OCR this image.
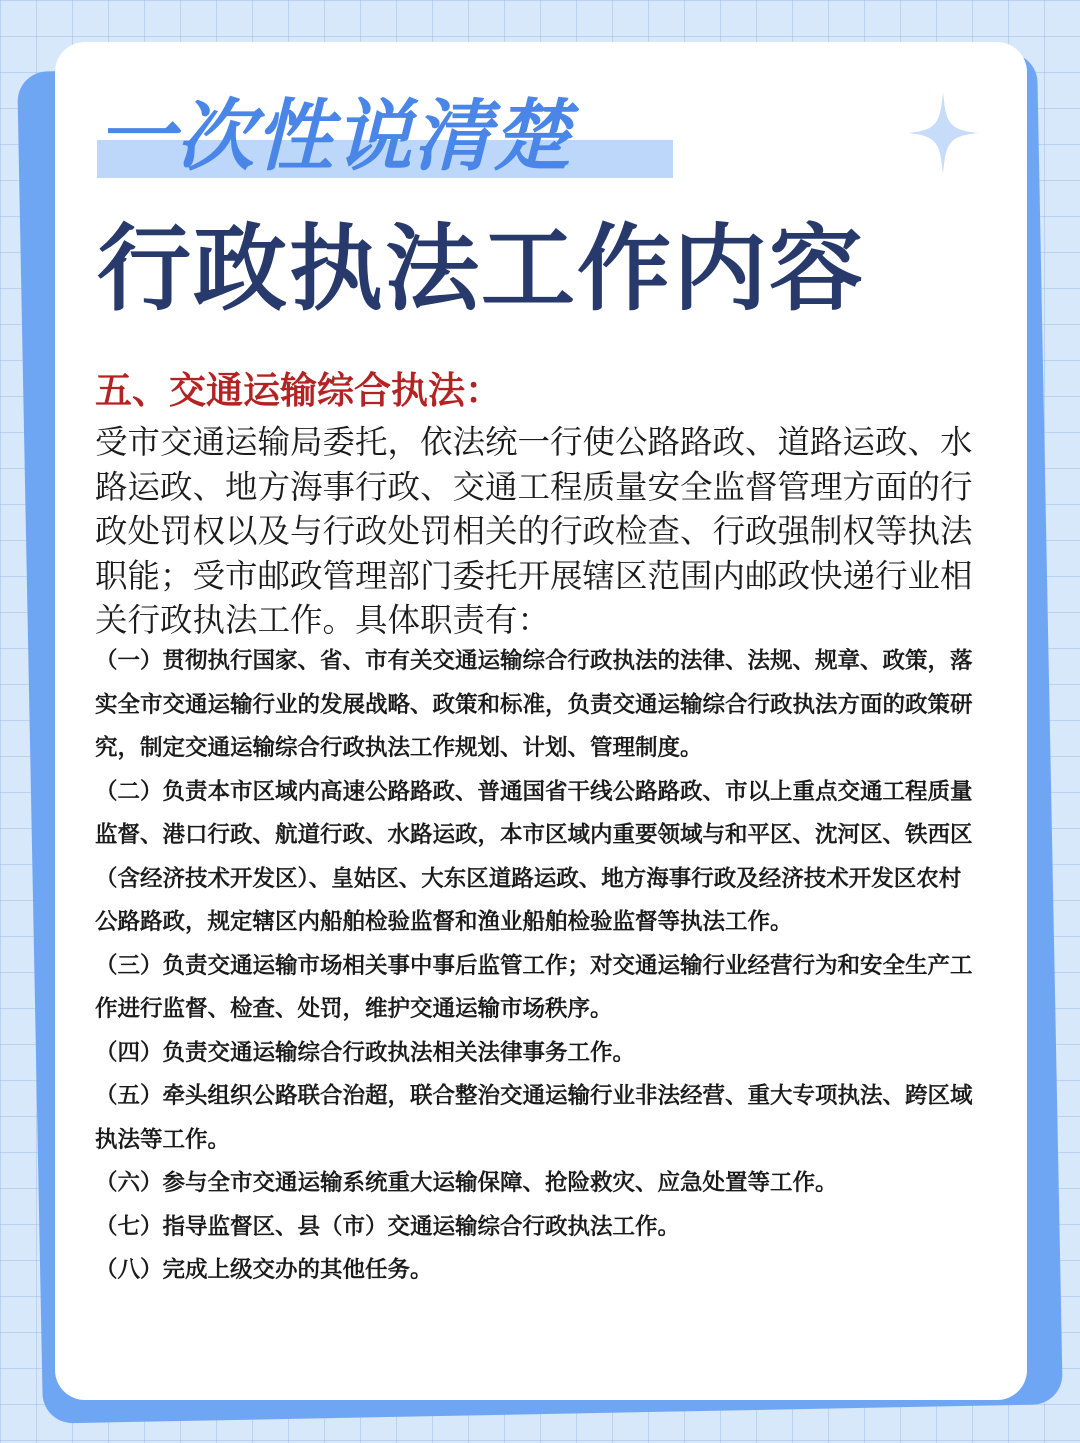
一次性说清楚
行政执法工作内容
五、交通运输综合执法：
受市交通运输局委托，依法统一行使公路路政、道路运政、水路运政、地方海事行政、交通工程质量安全监督管理方面的行政处罚权以及与行政处罚相关的行政检查、行政强制权等执法职能；受市邮政管理部门委托开展辖区范围内邮政快递行业相关行政执法工作。具体职责有：

（一）贯彻执行国家、省、市有关交通运输综合行政执法的法律、法规、规章、政策，落实全市交通运输行业的发展战略、政策和标准，负责交通运输综合行政执法方面的政策研究，制定交通运输综合行政执法工作规划、计划、管理制度。

（二）负责本市区域内高速公路路政、普通国省干线公路路政、市以上重点交通工程质量监督、港口行政、航道行政、水路运政，本市区域内重要领域与和平区、沈河区、铁西区（含经济技术开发区）、皇姑区、大东区道路运政、地方海事行政及经济技术开发区农村公路路政，规定辖区内船舶检验监督和渔业船舶检验监督等执法工作。

（三）负责交通运输市场相关事中事后监管工作；对交通运输行业经营行为和安全生产工作进行监督、检查、处罚，维护交通运输市场秩序。

（四）负责交通运输综合行政执法相关法律事务工作。

（五）牵头组织公路联合治超，联合整治交通运输行业非法经营、重大专项执法、跨区域执法等工作。

（六）参与全市交通运输系统重大运输保障、抢险救灾、应急处置等工作。

（七）指导监督区、县（市）交通运输综合行政执法工作。

（八）完成上级交办的其他任务。
